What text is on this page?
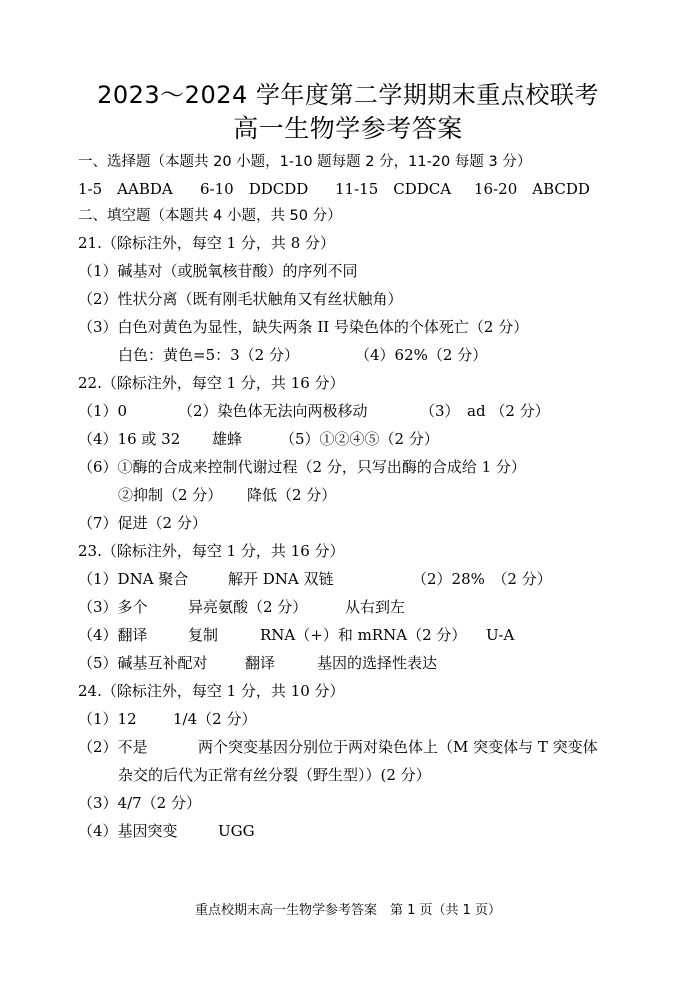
2023～2024 学年度第二学期期末重点校联考
高一生物学参考答案
一、选择题（本题共 20 小题，1-10 题每题 2 分，11-20 每题 3 分）
1-5　AABDA 6-10　DDCDD 11-15　CDDCA 16-20　ABCDD
二、填空题（本题共 4 小题，共 50 分）
21.（除标注外，每空 1 分，共 8 分）
（1）碱基对（或脱氧核苷酸）的序列不同
（2）性状分离（既有刚毛状触角又有丝状触角）
（3）白色对黄色为显性，缺失两条 II 号染色体的个体死亡（2 分）
白色：黄色=5：3（2 分）	（4）62%（2 分）
22.（除标注外，每空 1 分，共 16 分）
（1）0	（2）染色体无法向两极移动	（3）　ad （2 分）
（4）16 或 32 雄蜂	（5）①②④⑤（2 分）
（6）①酶的合成来控制代谢过程（2 分，只写出酶的合成给 1 分）
②抑制（2 分） 降低（2 分）
（7）促进（2 分）
23.（除标注外，每空 1 分，共 16 分）
（1）DNA 聚合	解开 DNA 双链	（2）28%　（2 分）
（3）多个	异亮氨酸（2 分）	从右到左
（4）翻译	复制	RNA（+）和 mRNA（2 分） U-A
（5）碱基互补配对 翻译	基因的选择性表达
24.（除标注外，每空 1 分，共 10 分）
（1）12 1/4（2 分）
（2）不是	两个突变基因分别位于两对染色体上（M 突变体与 T 突变体
杂交的后代为正常有丝分裂（野生型））(2 分）
（3）4/7（2 分）
（4）基因突变	UGG
重点校期末高一生物学参考答案　第 1 页（共 1 页）
